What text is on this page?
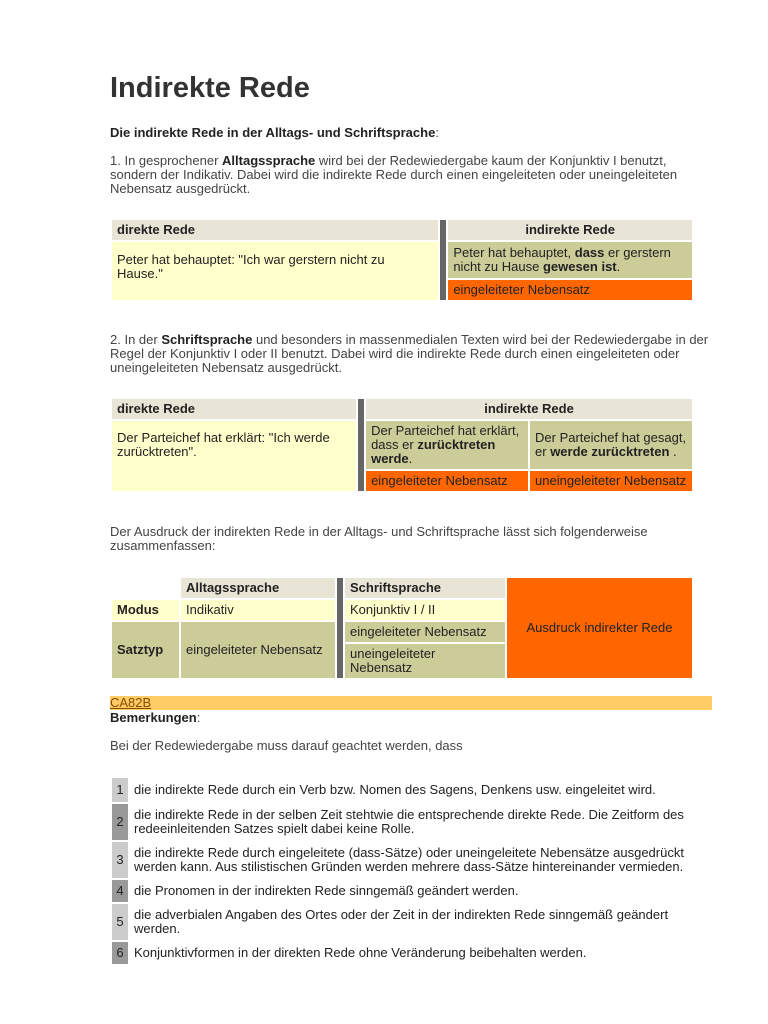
Indirekte Rede
Die indirekte Rede in der Alltags- und Schriftsprache:
1. In gesprochener Alltagssprache wird bei der Redewiedergabe kaum der Konjunktiv I benutzt, sondern der Indikativ. Dabei wird die indirekte Rede durch einen eingeleiteten oder uneingeleiteten Nebensatz ausgedrückt.
direkte Rede		indirekte Rede
Peter hat behauptet: "Ich war gerstern nicht zu Hause."		Peter hat behauptet, dass er gerstern nicht zu Hause gewesen ist.
		eingeleiteter Nebensatz
2. In der Schriftsprache und besonders in massenmedialen Texten wird bei der Redewiedergabe in der Regel der Konjunktiv I oder II benutzt. Dabei wird die indirekte Rede durch einen eingeleiteten oder uneingeleiteten Nebensatz ausgedrückt.
direkte Rede		indirekte Rede	
Der Parteichef hat erklärt: "Ich werde zurücktreten".		Der Parteichef hat erklärt, dass er zurücktreten werde.	Der Parteichef hat gesagt, er werde zurücktreten .
		eingeleiteter Nebensatz	uneingeleiteter Nebensatz
Der Ausdruck der indirekten Rede in der Alltags- und Schriftsprache lässt sich folgenderweise zusammenfassen:
	Alltagssprache		Schriftsprache	Ausdruck indirekter Rede
Modus	Indikativ		Konjunktiv I / II	
Satztyp	eingeleiteter Nebensatz		eingeleiteter Nebensatz	
			uneingeleiteter Nebensatz	
CA82B
Bemerkungen:
Bei der Redewiedergabe muss darauf geachtet werden, dass
1	die indirekte Rede durch ein Verb bzw. Nomen des Sagens, Denkens usw. eingeleitet wird.
2	die indirekte Rede in der selben Zeit stehtwie die entsprechende direkte Rede. Die Zeitform des redeeinleitenden Satzes spielt dabei keine Rolle.
3	die indirekte Rede durch eingeleitete (dass-Sätze) oder uneingeleitete Nebensätze ausgedrückt werden kann. Aus stilistischen Gründen werden mehrere dass-Sätze hintereinander vermieden.
4	die Pronomen in der indirekten Rede sinngemäß geändert werden.
5	die adverbialen Angaben des Ortes oder der Zeit in der indirekten Rede sinngemäß geändert werden.
6	Konjunktivformen in der direkten Rede ohne Veränderung beibehalten werden.
